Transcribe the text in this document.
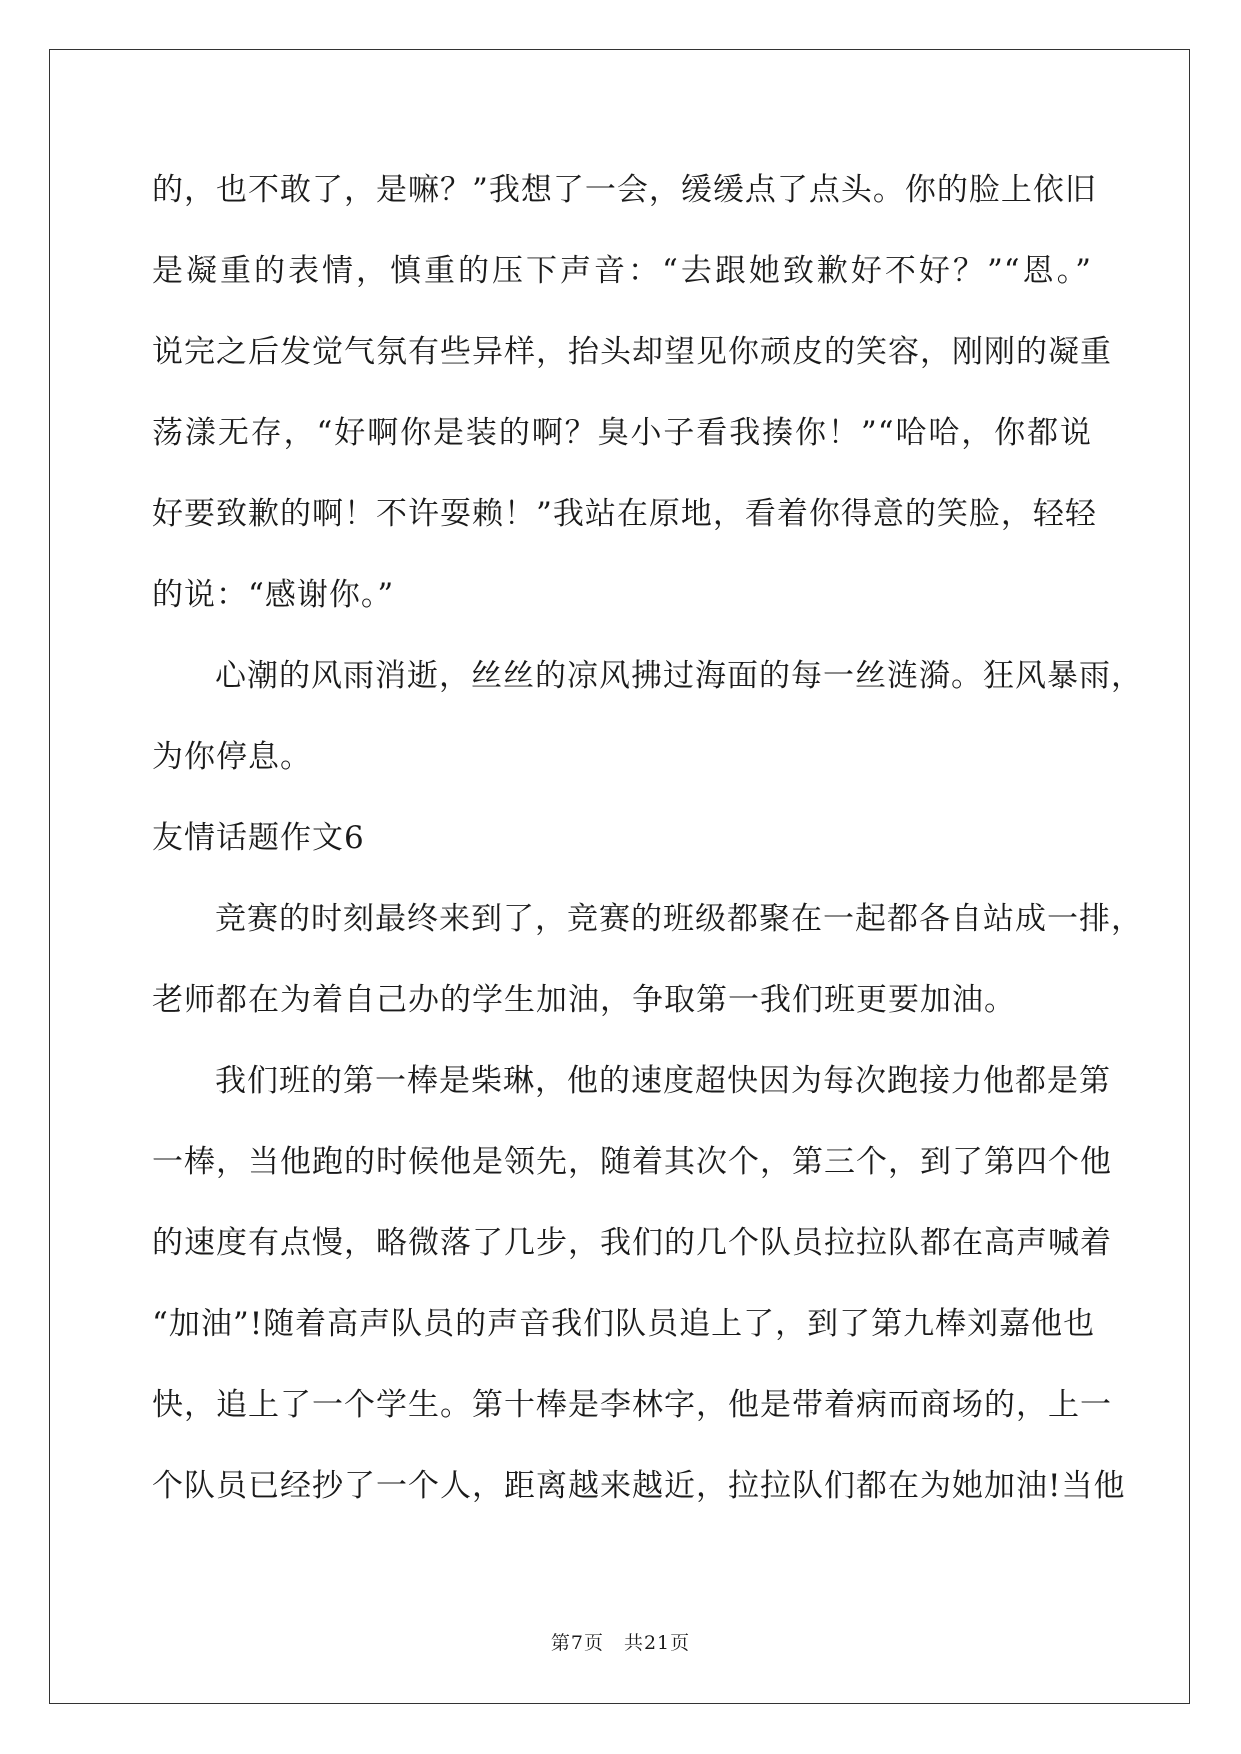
的，也不敢了，是嘛？”我想了一会，缓缓点了点头。你的脸上依旧
是凝重的表情，慎重的压下声音：“去跟她致歉好不好？”“恩。”
说完之后发觉气氛有些异样，抬头却望见你顽皮的笑容，刚刚的凝重
荡漾无存，“好啊你是装的啊？臭小子看我揍你！”“哈哈，你都说
好要致歉的啊！不许耍赖！”我站在原地，看着你得意的笑脸，轻轻
的说：“感谢你。”
心潮的风雨消逝，丝丝的凉风拂过海面的每一丝涟漪。狂风暴雨，
为你停息。
友情话题作文6
竞赛的时刻最终来到了，竞赛的班级都聚在一起都各自站成一排，
老师都在为着自己办的学生加油，争取第一我们班更要加油。
我们班的第一棒是柴琳，他的速度超快因为每次跑接力他都是第
一棒，当他跑的时候他是领先，随着其次个，第三个，到了第四个他
的速度有点慢，略微落了几步，我们的几个队员拉拉队都在高声喊着
“加油”!随着高声队员的声音我们队员追上了，到了第九棒刘嘉他也
快，追上了一个学生。第十棒是李林字，他是带着病而商场的，上一
个队员已经抄了一个人，距离越来越近，拉拉队们都在为她加油!当他
第7页　共21页
